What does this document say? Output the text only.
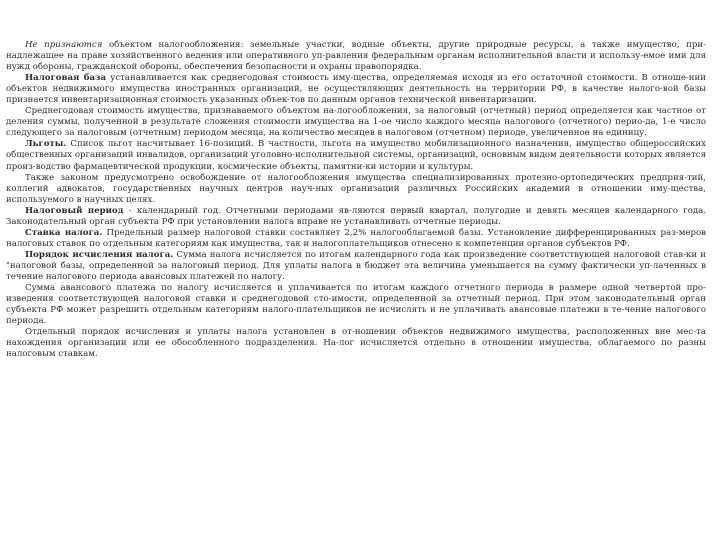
Не признаются объектом налогообложения: земельные участки, водные объекты, другие природные ресурсы, а также имущество, при-надлежащее на праве хозяйственного ведения или оперативного уп-равления федеральным органам исполнительной власти и использу-емое ими для нужд обороны, гражданской обороны, обеспечения безопасности и охраны правопорядка.

Налоговая база устанавливается как среднегодовая стоимость иму-щества, определяемая исходя из его остаточной стоимости. В отноше-нии объектов недвижимого имущества иностранных организаций, не осуществляющих деятельность на территории РФ, в качестве налого-вой базы признается инвентаризационная стоимость указанных объек-тов по данным органов технической инвентаризации.

Среднегодовая стоимость имущества, признаваемого объектом на-логообложения, за налоговый (отчетный) период определяется как частное от деления суммы, полученной в результате сложения стоимости имущества на 1-ое число каждого месяца налогового (отчетного) перио-да, 1-е число следующего за налоговым (отчетным) периодом месяца, на количество месяцев в налоговом (отчетном) периоде, увеличенное на единицу.

Льготы. Список льгот насчитывает 16-позиций. В частности, льгота на имущество мобилизационного назначения, имущество общероссийских общественных организаций инвалидов, организаций уголовно-исполнительной системы, организаций, основным видом деятельности которых является произ-водство фармацевтической продукции, космические объекты, памятни-ки истории и культуры.

Также законом предусмотрено освобождение от налогообложения имущества специализированных протезно-ортопедических предприя-тий, коллегий адвокатов, государственных научных центров науч-ных организаций различных Российских академий в отношении иму-щества, используемого в научных целях.

Налоговый период - календарный год. Отчетными периодами яв-ляются первый квартал, полугодие и девять месяцев календарного года. Законодательный орган субъекта РФ при установлении налога вправе не устанавливать отчетные периоды.

Ставка налога. Предельный размер налоговой ставки составляет 2,2% налогооблагаемой базы. Установление дифференцированных раз-меров налоговых ставок по отдельным категориям как имущества, так и налогоплательщиков отнесено к компетенции органов субъектов РФ.

Порядок исчисления налога. Сумма налога исчисляется по итогам календарного года как произведение соответствующей налоговой став-ки и "налоговой базы, определенной за налоговый период. Для уплаты налога в бюджет эта величина уменьшается на сумму фактически уп-лаченных в течение налогового периода авансовых платежей по налогу.

Сумма авансового платежа по налогу исчисляется и уплачивается по итогам каждого отчетного периода в размере одной четвертой про-изведения соответствующей налоговой ставки и среднегодовой сто-имости, определенной за отчетный период. При этом законодательный орган субъекта РФ может разрешить отдельным категориям налого-плательщиков не исчислять и не уплачивать авансовые платежи в те-чение налогового периода.

Отдельный порядок исчисления и уплаты налога установлен в от-ношении объектов недвижимого имущества, расположенных вне мес-та нахождения организации или ее обособленного подразделения. На-лог исчисляется отдельно в отношении имущества, облагаемого по разны налоговым ставкам.
